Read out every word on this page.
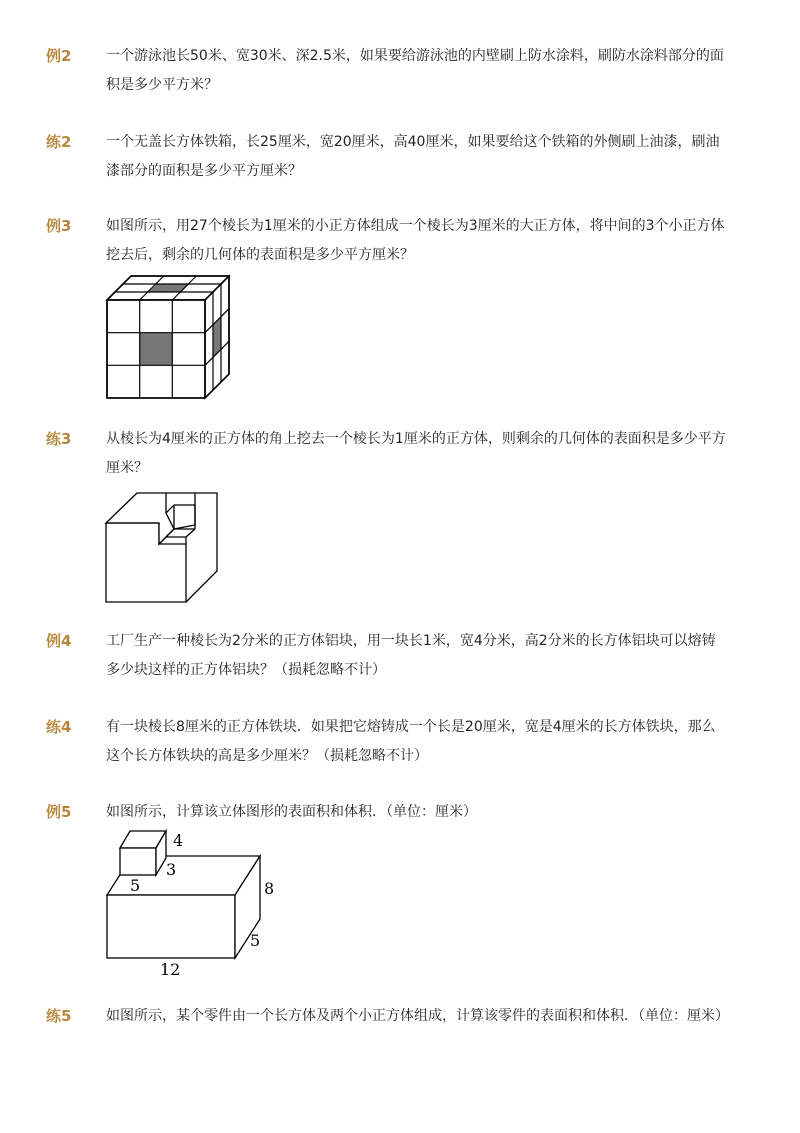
例2 一个游泳池长50米、宽30米、深2.5米，如果要给游泳池的内壁刷上防水涂料，刷防水涂料部分的面积是多少平方米？
练2 一个无盖长方体铁箱，长25厘米，宽20厘米，高40厘米，如果要给这个铁箱的外侧刷上油漆，刷油漆部分的面积是多少平方厘米？
例3 如图所示，用27个棱长为1厘米的小正方体组成一个棱长为3厘米的大正方体，将中间的3个小正方体挖去后，剩余的几何体的表面积是多少平方厘米？
练3 从棱长为4厘米的正方体的角上挖去一个棱长为1厘米的正方体，则剩余的几何体的表面积是多少平方厘米？
例4 工厂生产一种棱长为2分米的正方体铝块，用一块长1米，宽4分米，高2分米的长方体铝块可以熔铸多少块这样的正方体铝块？（损耗忽略不计）
练4 有一块棱长8厘米的正方体铁块．如果把它熔铸成一个长是20厘米，宽是4厘米的长方体铁块，那么这个长方体铁块的高是多少厘米？（损耗忽略不计）
例5 如图所示，计算该立体图形的表面积和体积．（单位：厘米）
4
3
5	8
5
12
练5 如图所示，某个零件由一个长方体及两个小正方体组成，计算该零件的表面积和体积．（单位：厘米）
